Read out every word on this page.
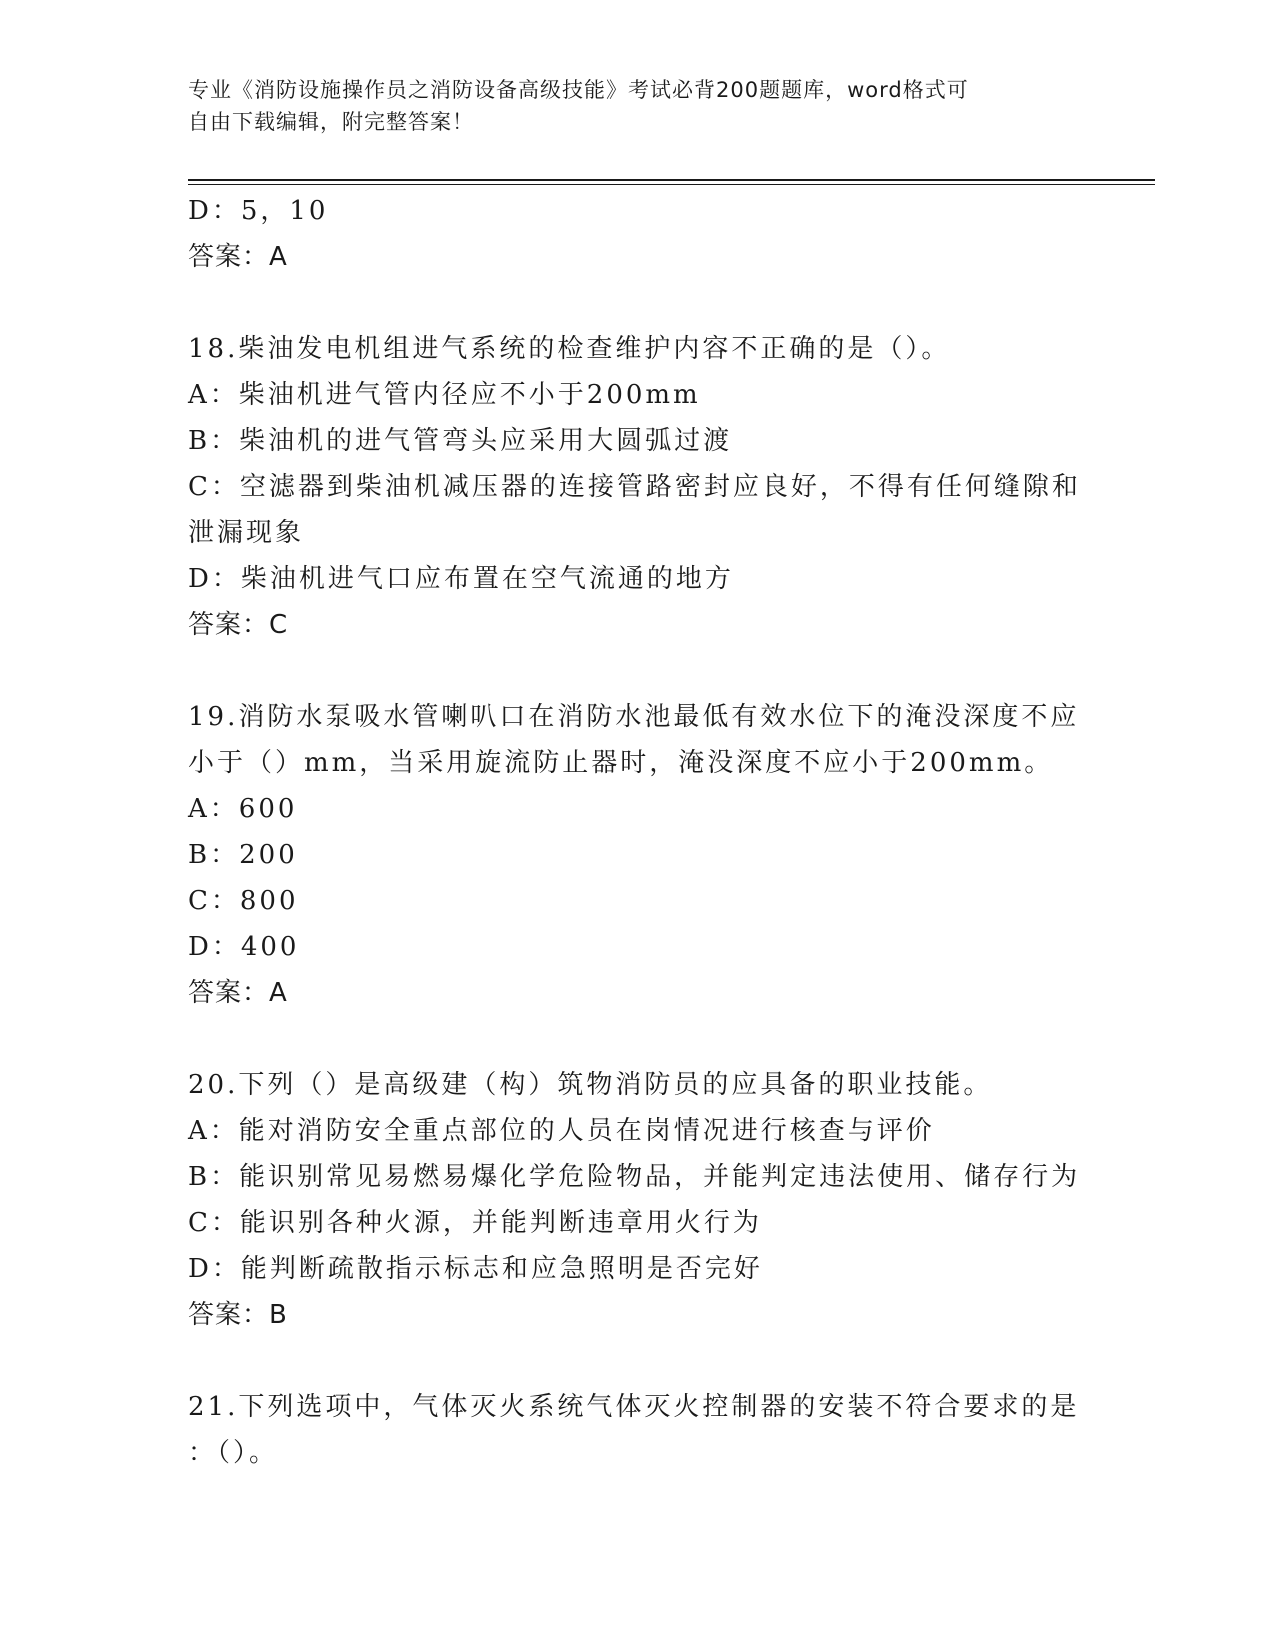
专业《消防设施操作员之消防设备高级技能》考试必背200题题库，word格式可
自由下载编辑，附完整答案！
D：5，10
答案：A
18.柴油发电机组进气系统的检查维护内容不正确的是（）。
A：柴油机进气管内径应不小于200mm
B：柴油机的进气管弯头应采用大圆弧过渡
C：空滤器到柴油机减压器的连接管路密封应良好，不得有任何缝隙和
泄漏现象
D：柴油机进气口应布置在空气流通的地方
答案：C
19.消防水泵吸水管喇叭口在消防水池最低有效水位下的淹没深度不应
小于（）mm，当采用旋流防止器时，淹没深度不应小于200mm。
A：600
B：200
C：800
D：400
答案：A
20.下列（）是高级建（构）筑物消防员的应具备的职业技能。
A：能对消防安全重点部位的人员在岗情况进行核查与评价
B：能识别常见易燃易爆化学危险物品，并能判定违法使用、储存行为
C：能识别各种火源，并能判断违章用火行为
D：能判断疏散指示标志和应急照明是否完好
答案：B
21.下列选项中，气体灭火系统气体灭火控制器的安装不符合要求的是
：（）。
